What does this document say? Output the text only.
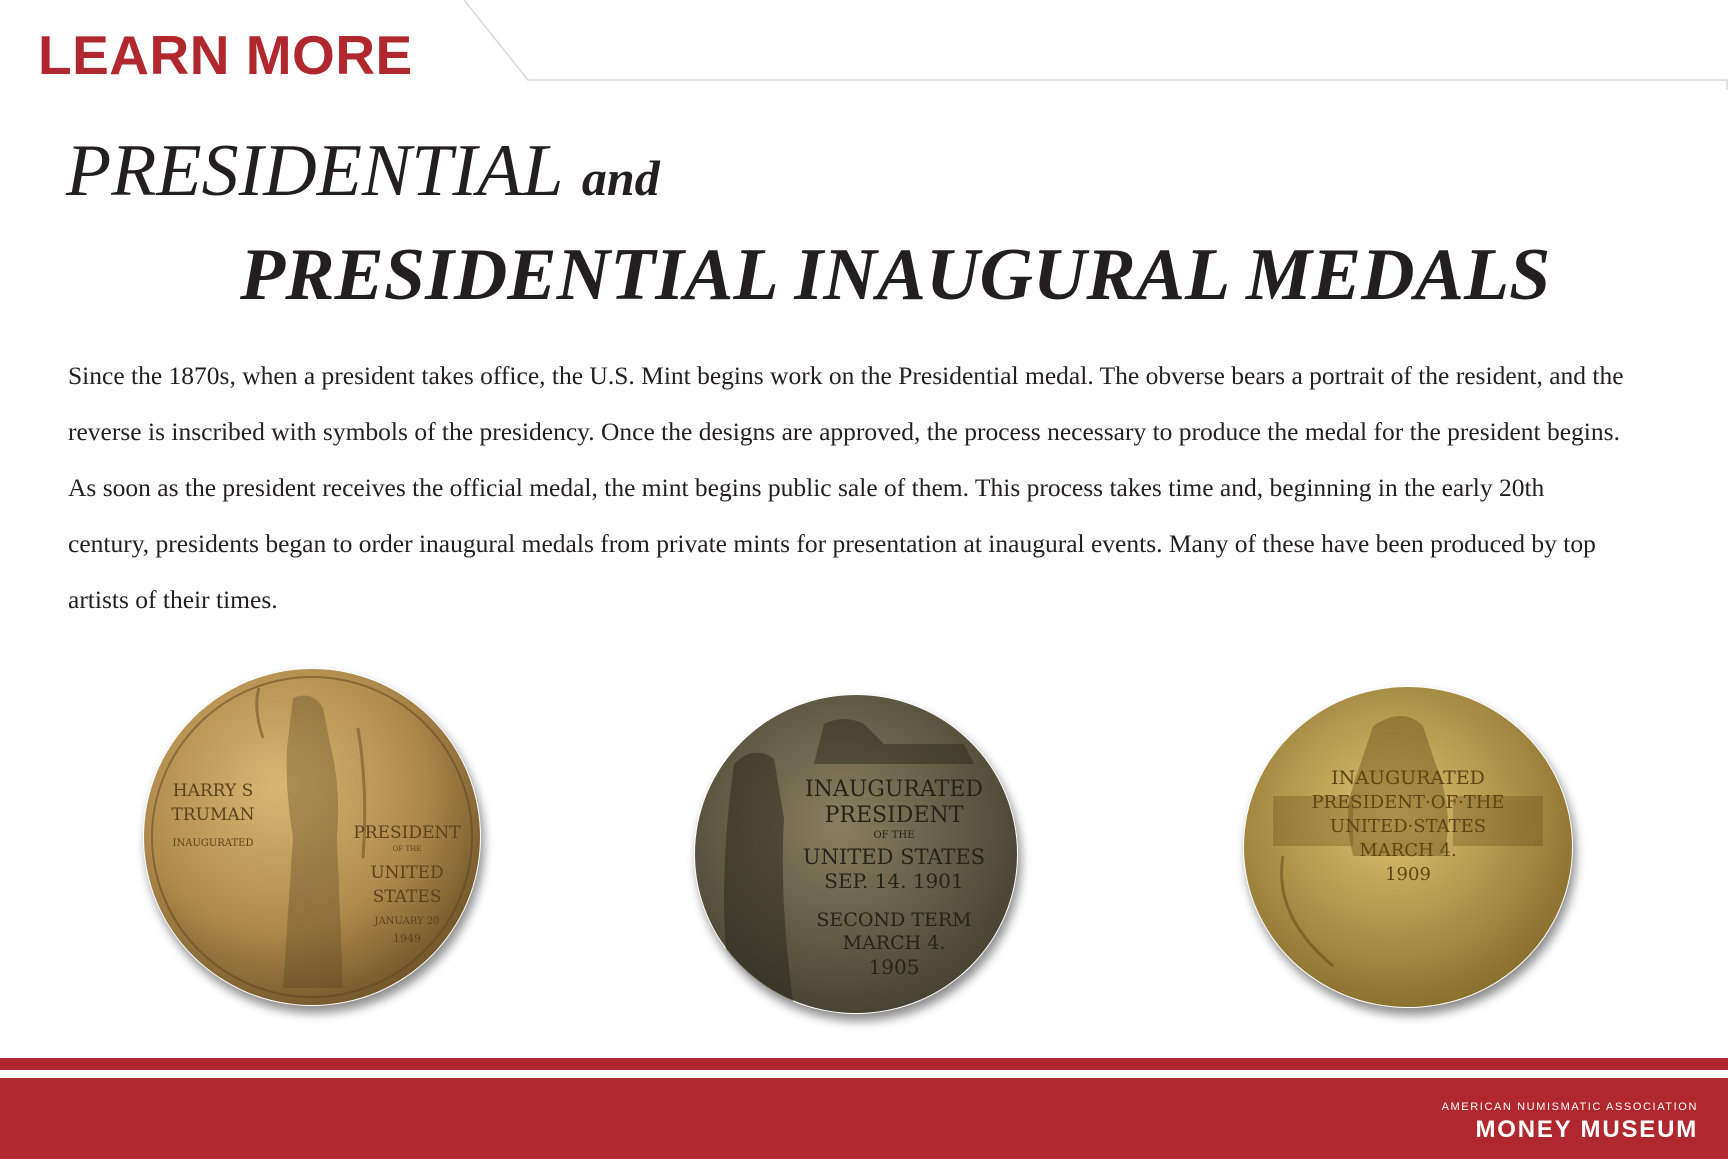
LEARN MORE
PRESIDENTIAL and
PRESIDENTIAL INAUGURAL MEDALS

Since the 1870s, when a president takes office, the U.S. Mint begins work on the Presidential medal. The obverse bears a portrait of the resident, and the reverse is inscribed with symbols of the presidency. Once the designs are approved, the process necessary to produce the medal for the president begins. As soon as the president receives the official medal, the mint begins public sale of them. This process takes time and, beginning in the early 20th century, presidents began to order inaugural medals from private mints for presentation at inaugural events. Many of these have been produced by top artists of their times.

HARRY S
TRUMAN
INAUGURATED
PRESIDENT
OF THE
UNITED
STATES
JANUARY 20
1949
INAUGURATED
PRESIDENT
OF THE
UNITED STATES
SEP. 14. 1901
SECOND TERM
MARCH 4.
1905
INAUGURATED
PRESIDENT·OF·THE
UNITED·STATES
MARCH 4.
1909

AMERICAN NUMISMATIC ASSOCIATION

MONEY MUSEUM
